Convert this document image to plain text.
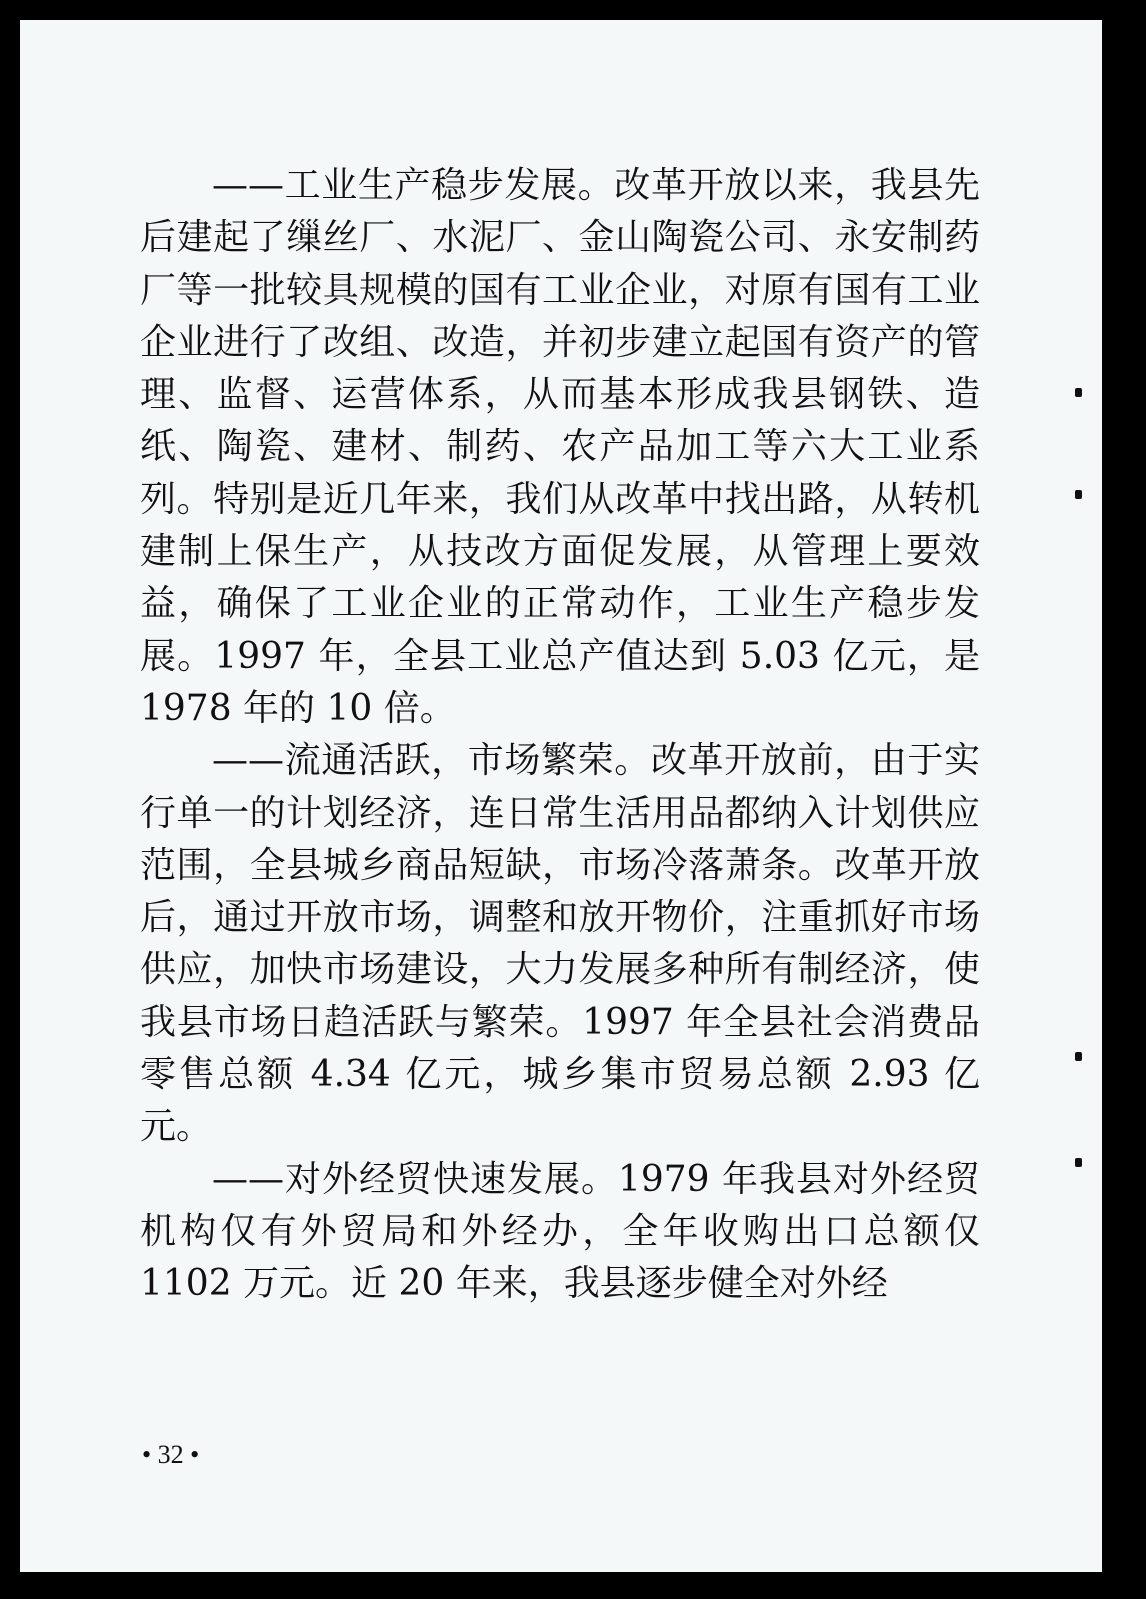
——工业生产稳步发展。改革开放以来，我县先后建起了缫丝厂、水泥厂、金山陶瓷公司、永安制药厂等一批较具规模的国有工业企业，对原有国有工业企业进行了改组、改造，并初步建立起国有资产的管理、监督、运营体系，从而基本形成我县钢铁、造纸、陶瓷、建材、制药、农产品加工等六大工业系列。特别是近几年来，我们从改革中找出路，从转机建制上保生产，从技改方面促发展，从管理上要效益，确保了工业企业的正常动作，工业生产稳步发展。1997 年，全县工业总产值达到 5.03 亿元，是 1978 年的 10 倍。

——流通活跃，市场繁荣。改革开放前，由于实行单一的计划经济，连日常生活用品都纳入计划供应范围，全县城乡商品短缺，市场冷落萧条。改革开放后，通过开放市场，调整和放开物价，注重抓好市场供应，加快市场建设，大力发展多种所有制经济，使我县市场日趋活跃与繁荣。1997 年全县社会消费品零售总额 4.34 亿元，城乡集市贸易总额 2.93 亿元。

——对外经贸快速发展。1979 年我县对外经贸机构仅有外贸局和外经办，全年收购出口总额仅 1102 万元。近 20 年来，我县逐步健全对外经

• 32 •
